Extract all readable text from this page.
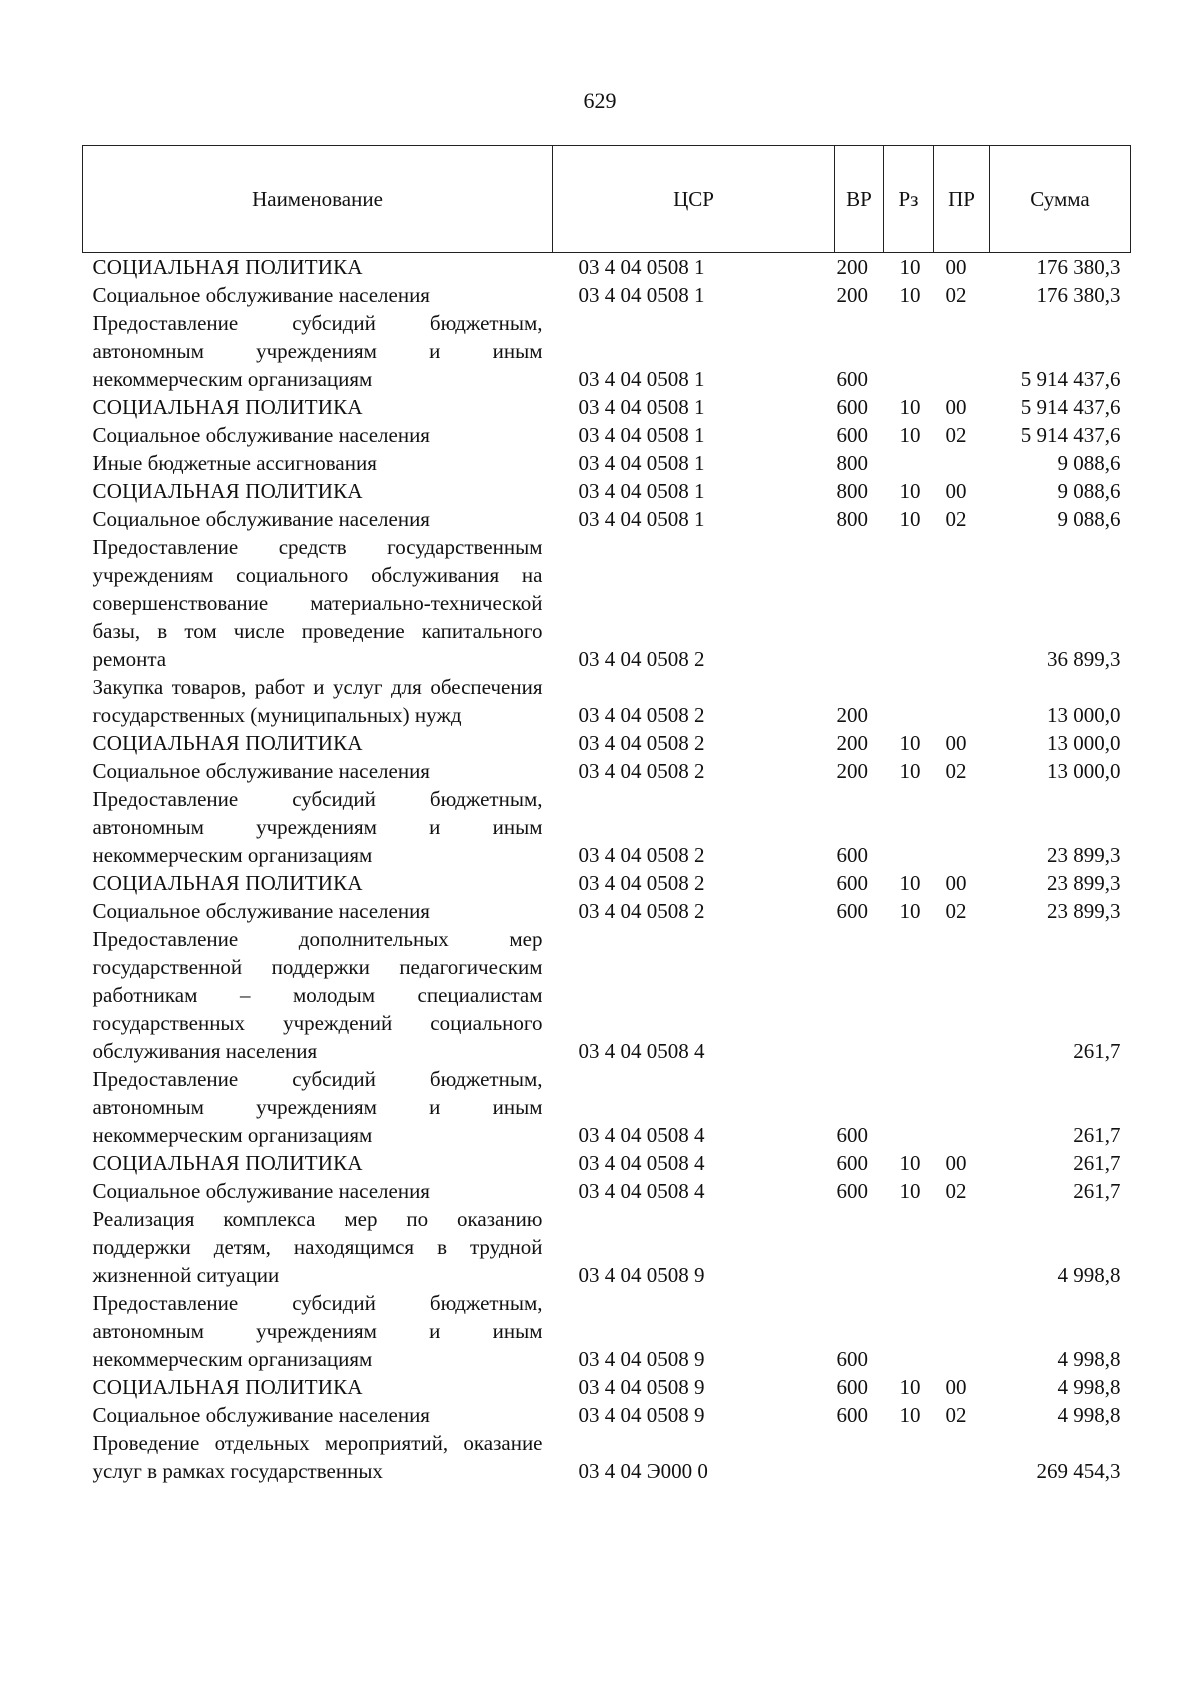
629
Наименование	ЦСР	ВР	Рз	ПР	Сумма
СОЦИАЛЬНАЯ ПОЛИТИКА	03 4 04 0508 1	200	10	00	176 380,3
Социальное обслуживание населения	03 4 04 0508 1	200	10	02	176 380,3
Предоставление субсидий бюджетным, автономным учреждениям и иным некоммерческим организациям	03 4 04 0508 1	600			5 914 437,6
СОЦИАЛЬНАЯ ПОЛИТИКА	03 4 04 0508 1	600	10	00	5 914 437,6
Социальное обслуживание населения	03 4 04 0508 1	600	10	02	5 914 437,6
Иные бюджетные ассигнования	03 4 04 0508 1	800			9 088,6
СОЦИАЛЬНАЯ ПОЛИТИКА	03 4 04 0508 1	800	10	00	9 088,6
Социальное обслуживание населения	03 4 04 0508 1	800	10	02	9 088,6
Предоставление средств государственным учреждениям социального обслуживания на совершенствование материально-технической базы, в том числе проведение капитального ремонта	03 4 04 0508 2				36 899,3
Закупка товаров, работ и услуг для обеспечения государственных (муниципальных) нужд	03 4 04 0508 2	200			13 000,0
СОЦИАЛЬНАЯ ПОЛИТИКА	03 4 04 0508 2	200	10	00	13 000,0
Социальное обслуживание населения	03 4 04 0508 2	200	10	02	13 000,0
Предоставление субсидий бюджетным, автономным учреждениям и иным некоммерческим организациям	03 4 04 0508 2	600			23 899,3
СОЦИАЛЬНАЯ ПОЛИТИКА	03 4 04 0508 2	600	10	00	23 899,3
Социальное обслуживание населения	03 4 04 0508 2	600	10	02	23 899,3
Предоставление дополнительных мер государственной поддержки педагогическим работникам – молодым специалистам государственных учреждений социального обслуживания населения	03 4 04 0508 4				261,7
Предоставление субсидий бюджетным, автономным учреждениям и иным некоммерческим организациям	03 4 04 0508 4	600			261,7
СОЦИАЛЬНАЯ ПОЛИТИКА	03 4 04 0508 4	600	10	00	261,7
Социальное обслуживание населения	03 4 04 0508 4	600	10	02	261,7
Реализация комплекса мер по оказанию поддержки детям, находящимся в трудной жизненной ситуации	03 4 04 0508 9				4 998,8
Предоставление субсидий бюджетным, автономным учреждениям и иным некоммерческим организациям	03 4 04 0508 9	600			4 998,8
СОЦИАЛЬНАЯ ПОЛИТИКА	03 4 04 0508 9	600	10	00	4 998,8
Социальное обслуживание населения	03 4 04 0508 9	600	10	02	4 998,8
Проведение отдельных мероприятий, оказание услуг в рамках государственных	03 4 04 Э000 0				269 454,3
